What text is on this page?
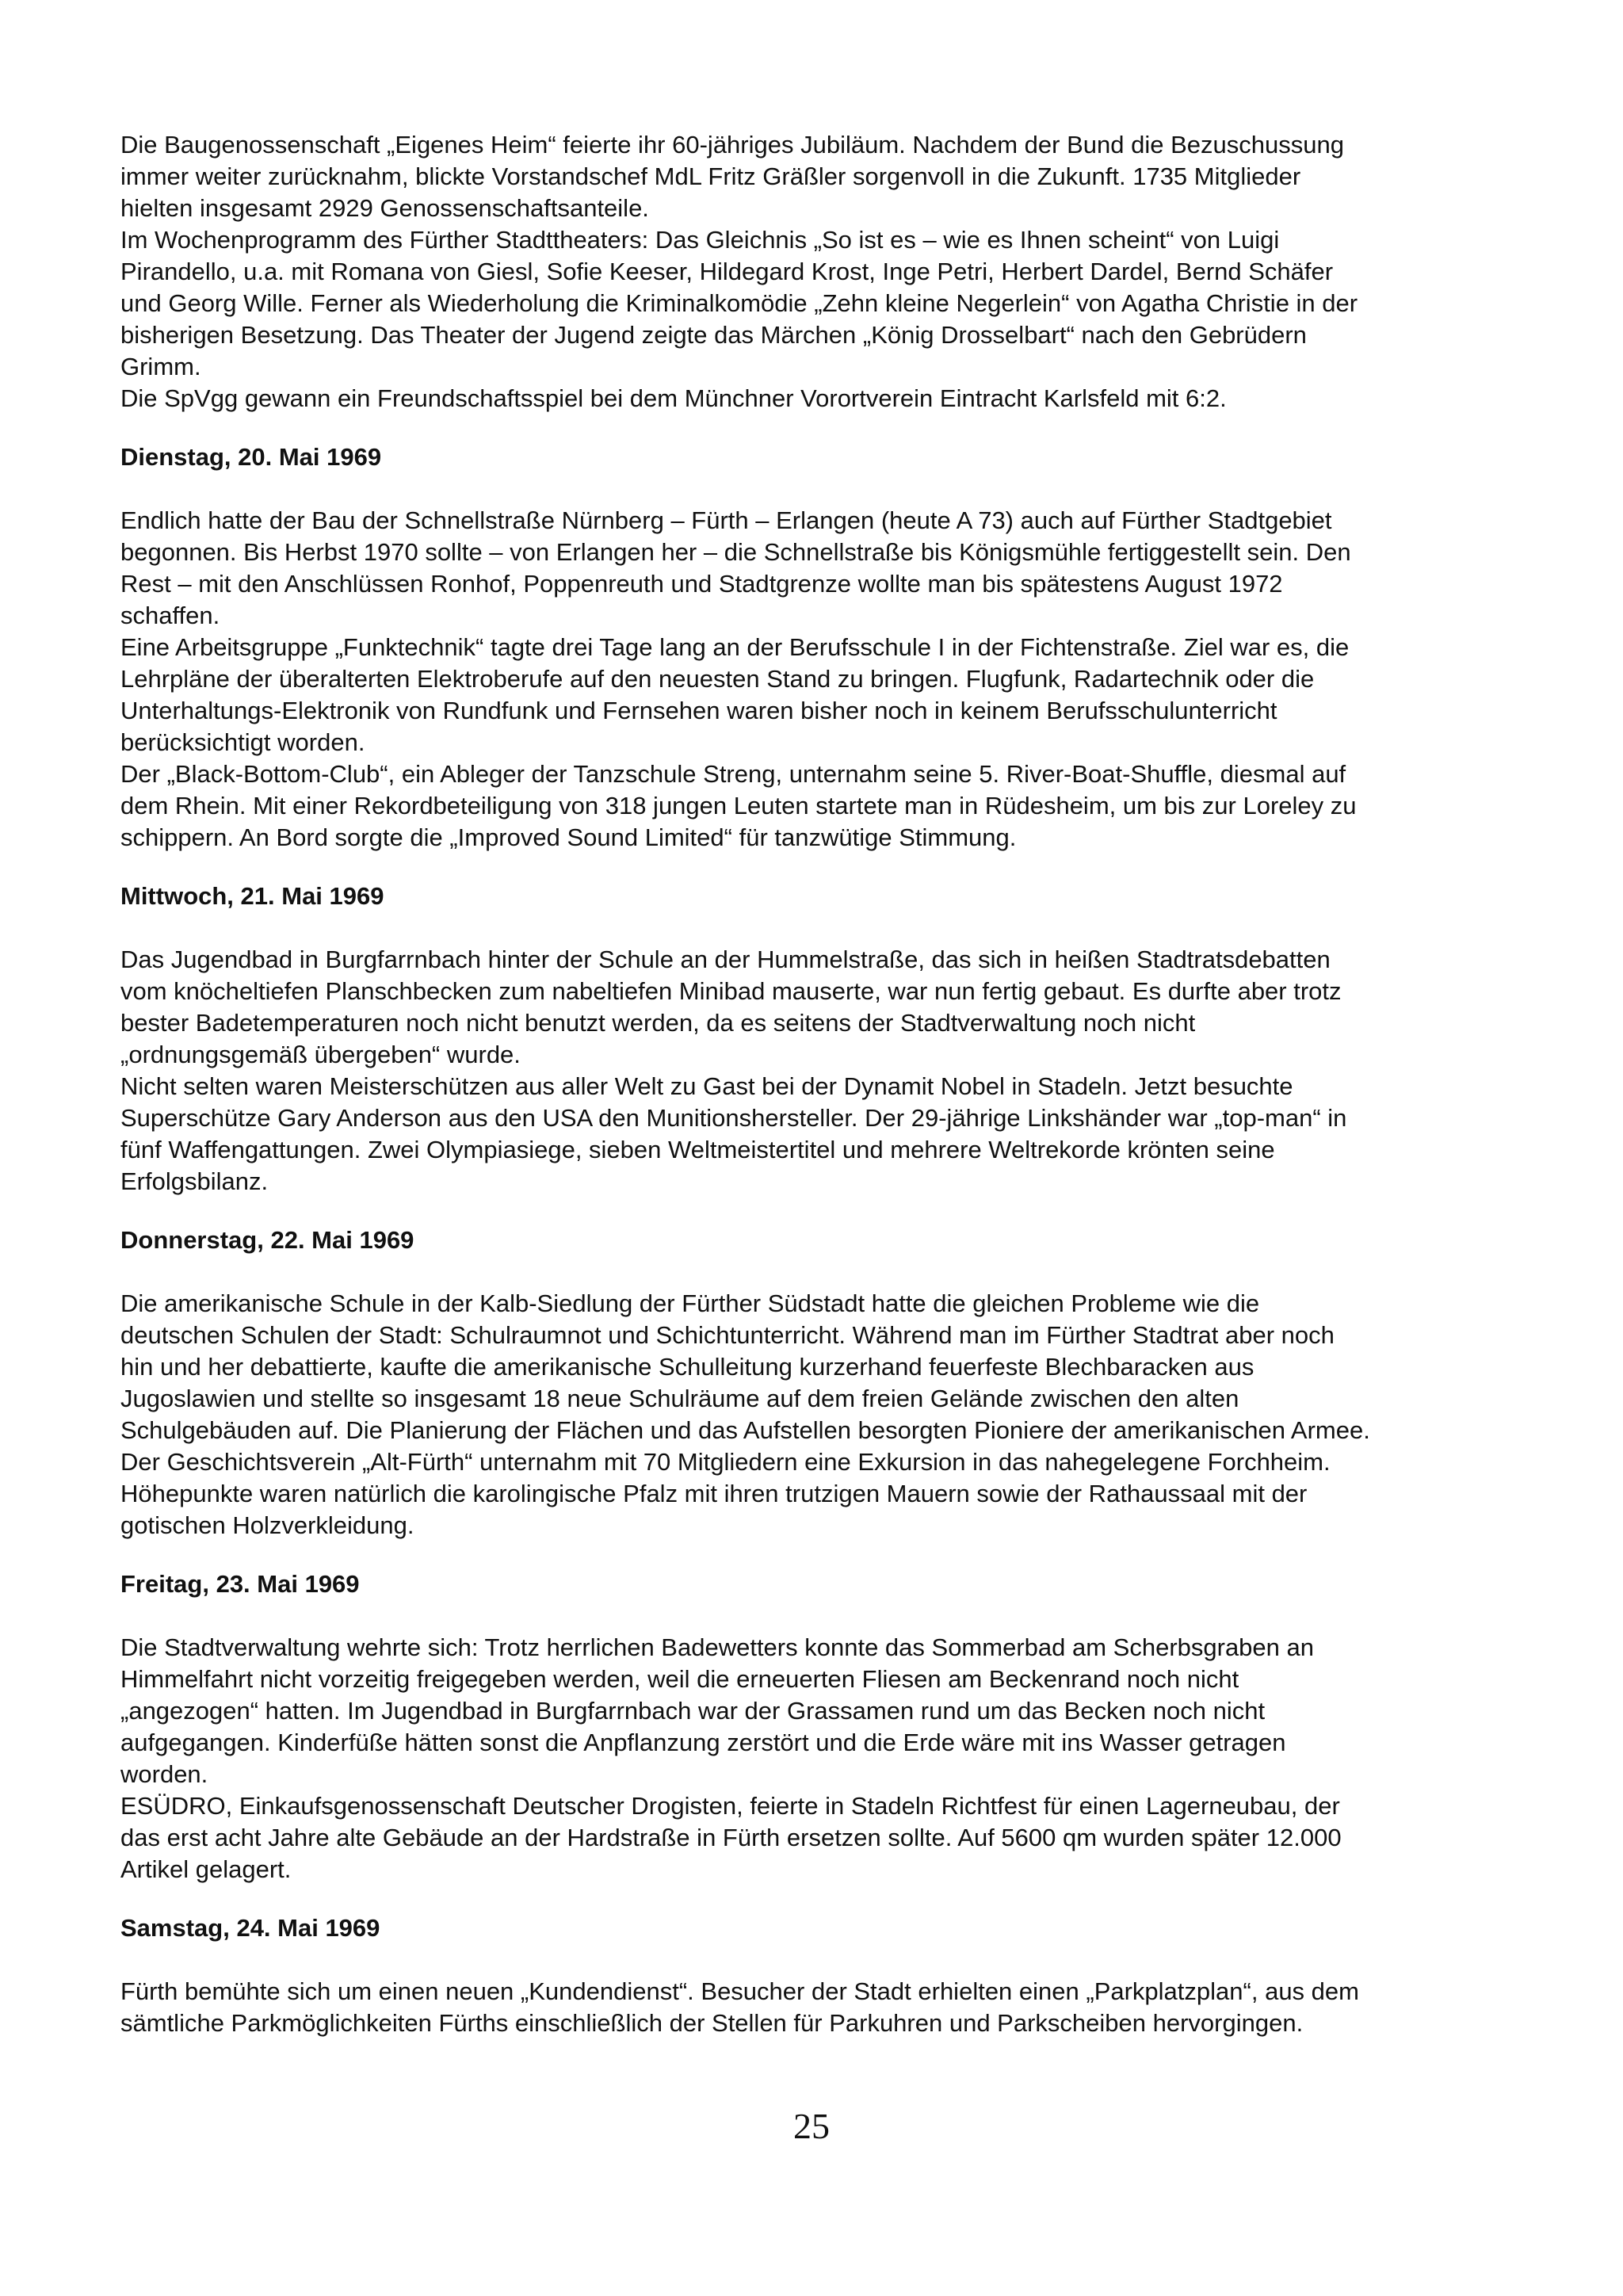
Die Baugenossenschaft „Eigenes Heim“ feierte ihr 60-jähriges Jubiläum. Nachdem der Bund die Bezuschussung
immer weiter zurücknahm, blickte Vorstandschef MdL Fritz Gräßler sorgenvoll in die Zukunft. 1735 Mitglieder
hielten insgesamt 2929 Genossenschaftsanteile.
Im Wochenprogramm des Fürther Stadttheaters: Das Gleichnis „So ist es – wie es Ihnen scheint“ von Luigi
Pirandello, u.a. mit Romana von Giesl, Sofie Keeser, Hildegard Krost, Inge Petri, Herbert Dardel, Bernd Schäfer
und Georg Wille. Ferner als Wiederholung die Kriminalkomödie „Zehn kleine Negerlein“ von Agatha Christie in der
bisherigen Besetzung. Das Theater der Jugend zeigte das Märchen „König Drosselbart“ nach den Gebrüdern
Grimm.
Die SpVgg gewann ein Freundschaftsspiel bei dem Münchner Vorortverein Eintracht Karlsfeld mit 6:2.
Dienstag, 20. Mai 1969
Endlich hatte der Bau der Schnellstraße Nürnberg – Fürth – Erlangen (heute A 73) auch auf Fürther Stadtgebiet
begonnen. Bis Herbst 1970 sollte – von Erlangen her – die Schnellstraße bis Königsmühle fertiggestellt sein. Den
Rest – mit den Anschlüssen Ronhof, Poppenreuth und Stadtgrenze wollte man bis spätestens August 1972
schaffen.
Eine Arbeitsgruppe „Funktechnik“ tagte drei Tage lang an der Berufsschule I in der Fichtenstraße. Ziel war es, die
Lehrpläne der überalterten Elektroberufe auf den neuesten Stand zu bringen. Flugfunk, Radartechnik oder die
Unterhaltungs-Elektronik von Rundfunk und Fernsehen waren bisher noch in keinem Berufsschulunterricht
berücksichtigt worden.
Der „Black-Bottom-Club“, ein Ableger der Tanzschule Streng, unternahm seine 5. River-Boat-Shuffle, diesmal auf
dem Rhein. Mit einer Rekordbeteiligung von 318 jungen Leuten startete man in Rüdesheim, um bis zur Loreley zu
schippern. An Bord sorgte die „Improved Sound Limited“ für tanzwütige Stimmung.
Mittwoch, 21. Mai 1969
Das Jugendbad in Burgfarrnbach hinter der Schule an der Hummelstraße, das sich in heißen Stadtratsdebatten
vom knöcheltiefen Planschbecken zum nabeltiefen Minibad mauserte, war nun fertig gebaut. Es durfte aber trotz
bester Badetemperaturen noch nicht benutzt werden, da es seitens der Stadtverwaltung noch nicht
„ordnungsgemäß übergeben“ wurde.
Nicht selten waren Meisterschützen aus aller Welt zu Gast bei der Dynamit Nobel in Stadeln. Jetzt besuchte
Superschütze Gary Anderson aus den USA den Munitionshersteller. Der 29-jährige Linkshänder war „top-man“ in
fünf Waffengattungen. Zwei Olympiasiege, sieben Weltmeistertitel und mehrere Weltrekorde krönten seine
Erfolgsbilanz.
Donnerstag, 22. Mai 1969
Die amerikanische Schule in der Kalb-Siedlung der Fürther Südstadt hatte die gleichen Probleme wie die
deutschen Schulen der Stadt: Schulraumnot und Schichtunterricht. Während man im Fürther Stadtrat aber noch
hin und her debattierte, kaufte die amerikanische Schulleitung kurzerhand feuerfeste Blechbaracken aus
Jugoslawien und stellte so insgesamt 18 neue Schulräume auf dem freien Gelände zwischen den alten
Schulgebäuden auf. Die Planierung der Flächen und das Aufstellen besorgten Pioniere der amerikanischen Armee.
Der Geschichtsverein „Alt-Fürth“ unternahm mit 70 Mitgliedern eine Exkursion in das nahegelegene Forchheim.
Höhepunkte waren natürlich die karolingische Pfalz mit ihren trutzigen Mauern sowie der Rathaussaal mit der
gotischen Holzverkleidung.
Freitag, 23. Mai 1969
Die Stadtverwaltung wehrte sich: Trotz herrlichen Badewetters konnte das Sommerbad am Scherbsgraben an
Himmelfahrt nicht vorzeitig freigegeben werden, weil die erneuerten Fliesen am Beckenrand noch nicht
„angezogen“ hatten. Im Jugendbad in Burgfarrnbach war der Grassamen rund um das Becken noch nicht
aufgegangen. Kinderfüße hätten sonst die Anpflanzung zerstört und die Erde wäre mit ins Wasser getragen
worden.
ESÜDRO, Einkaufsgenossenschaft Deutscher Drogisten, feierte in Stadeln Richtfest für einen Lagerneubau, der
das erst acht Jahre alte Gebäude an der Hardstraße in Fürth ersetzen sollte. Auf 5600 qm wurden später 12.000
Artikel gelagert.
Samstag, 24. Mai 1969
Fürth bemühte sich um einen neuen „Kundendienst“. Besucher der Stadt erhielten einen „Parkplatzplan“, aus dem
sämtliche Parkmöglichkeiten Fürths einschließlich der Stellen für Parkuhren und Parkscheiben hervorgingen.
25
